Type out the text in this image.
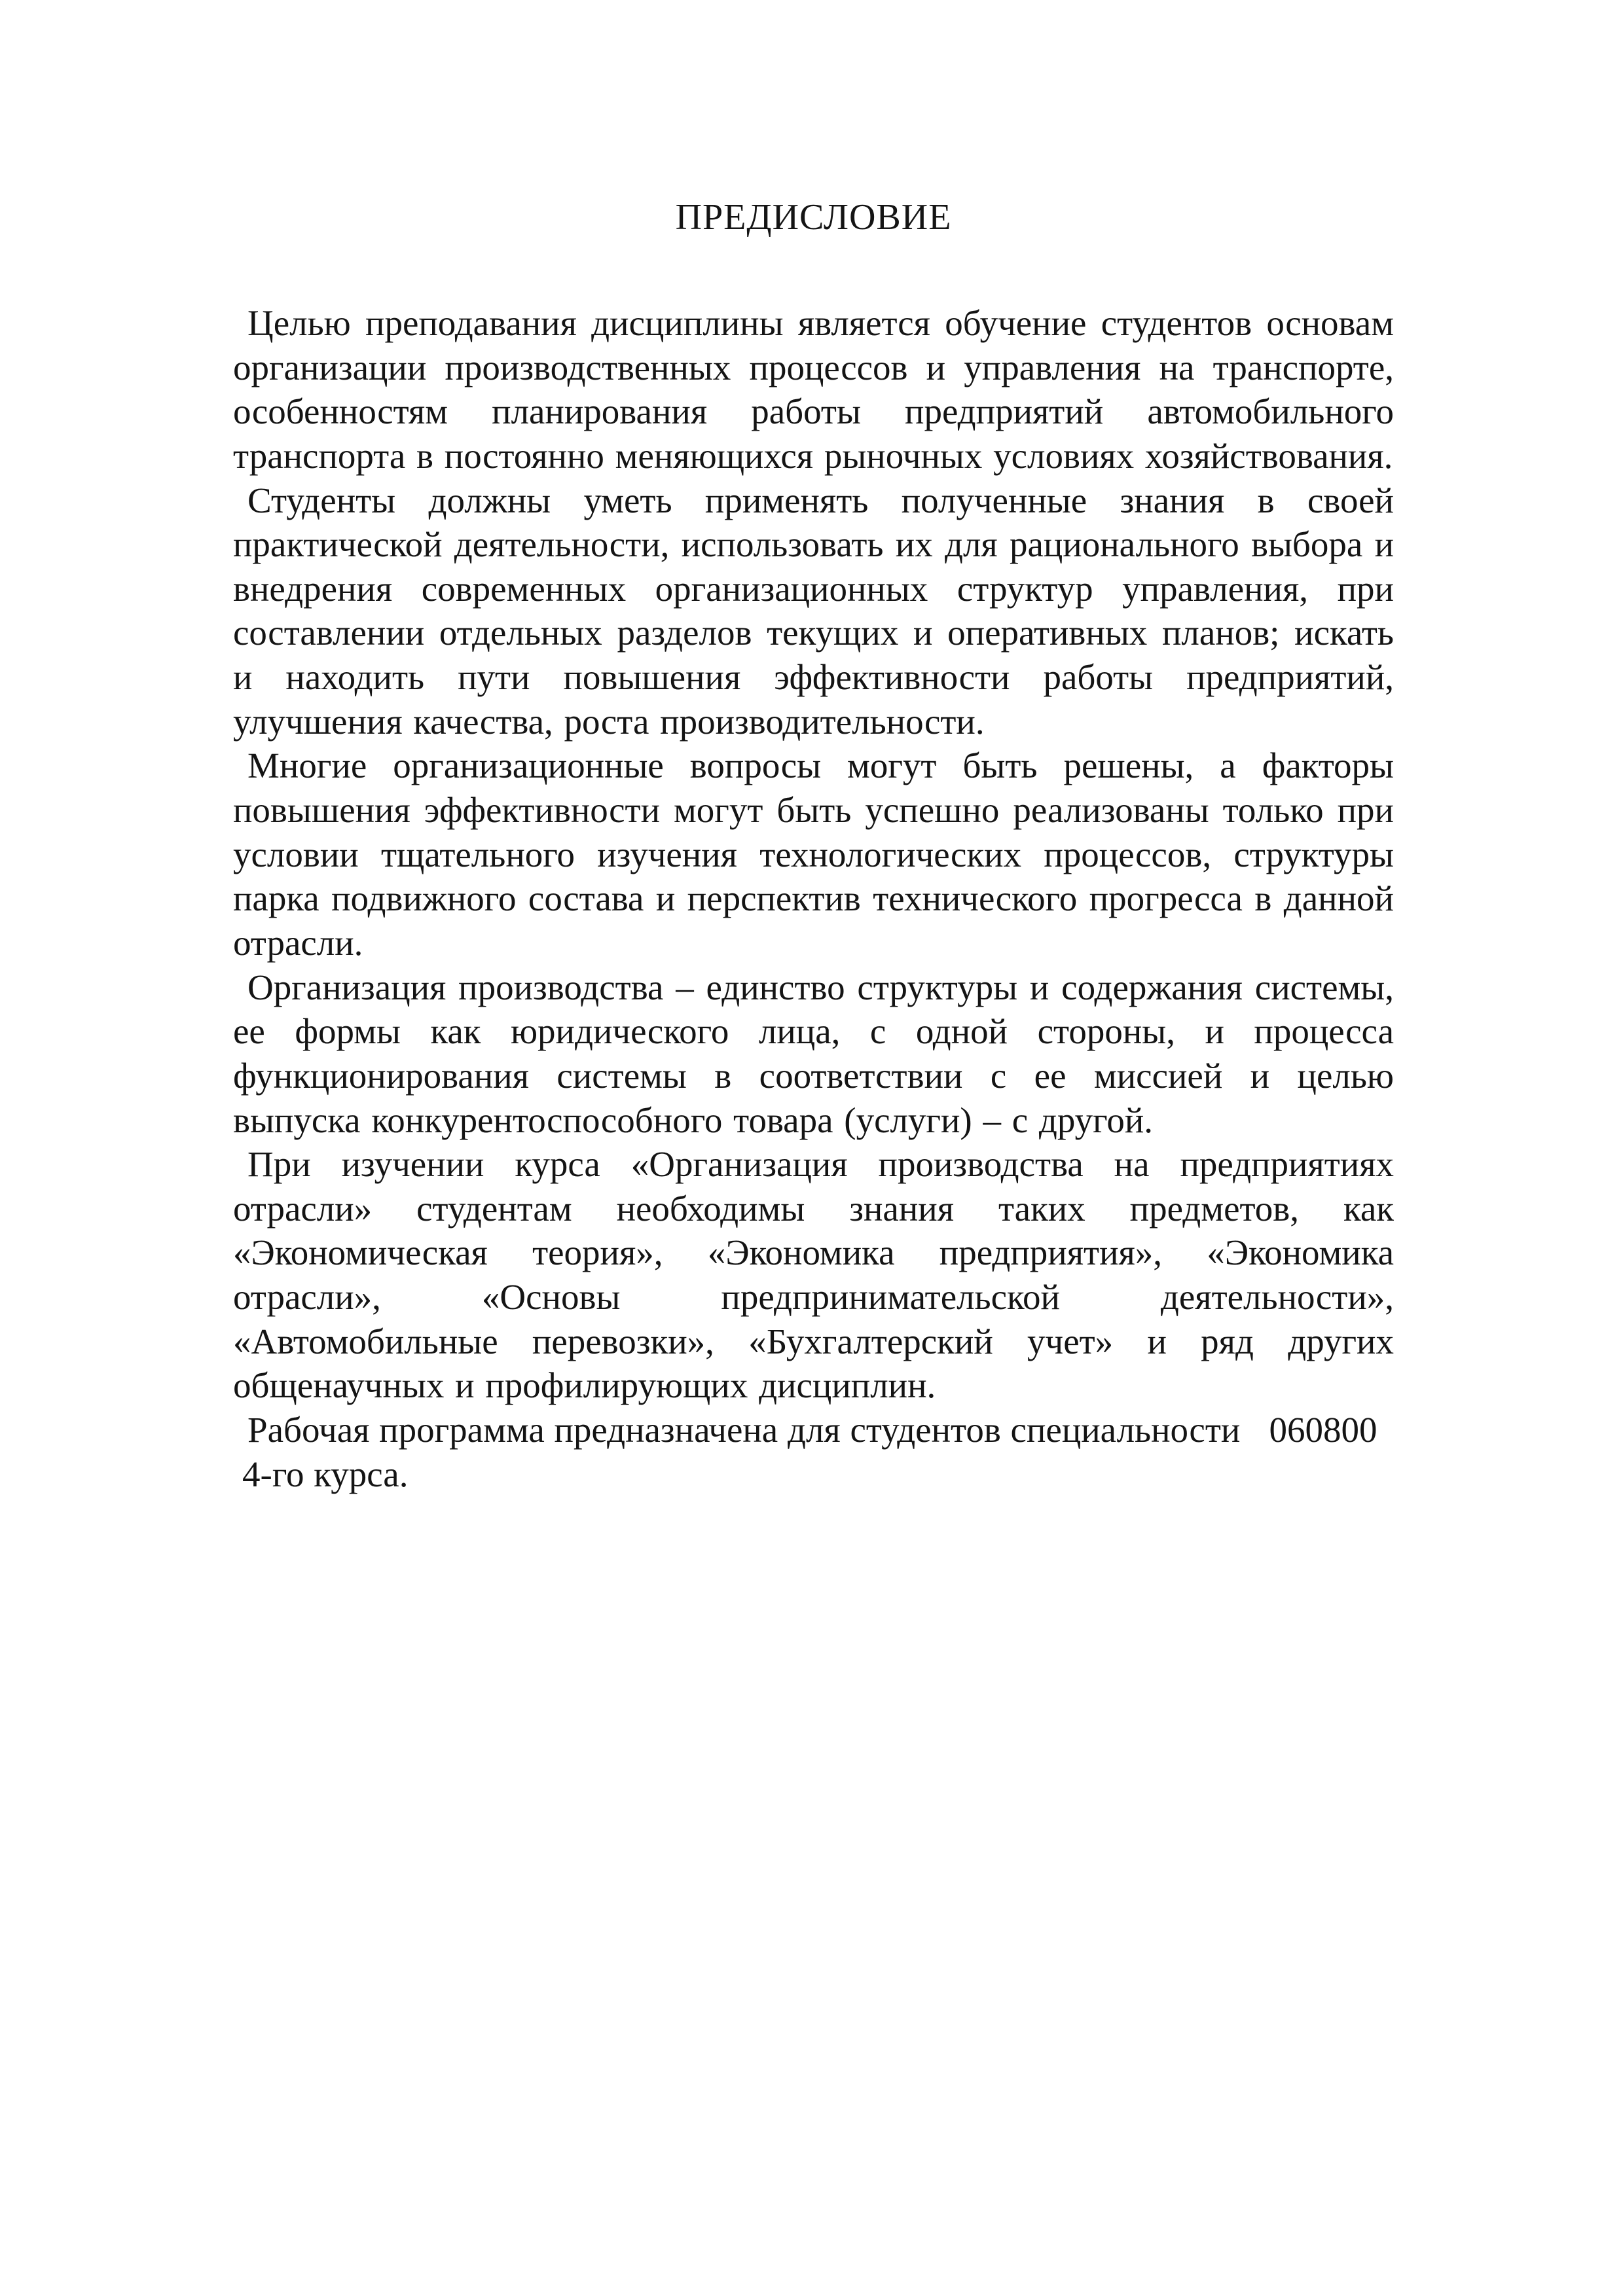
ПРЕДИСЛОВИЕ

Целью преподавания дисциплины является обучение студентов основам организации производственных процессов и управления на транспорте, особенностям планирования работы предприятий автомобильного транспорта в постоянно меняющихся рыночных условиях хозяйствования.

Студенты должны уметь применять полученные знания в своей практической деятельности, использовать их для рационального выбора и внедрения современных организационных структур управления, при составлении отдельных разделов текущих и оперативных планов; искать и находить пути повышения эффективности работы предприятий, улучшения качества, роста производительности.

Многие организационные вопросы могут быть решены, а факторы повышения эффективности могут быть успешно реализованы только при условии тщательного изучения технологических процессов, структуры парка подвижного состава и перспектив технического прогресса в данной отрасли.

Организация производства – единство структуры и содержания системы, ее формы как юридического лица, с одной стороны, и процесса функционирования системы в соответствии с ее миссией и целью выпуска конкурентоспособного товара (услуги) – с другой.

При изучении курса «Организация производства на предприятиях отрасли» студентам необходимы знания таких предметов, как «Экономическая теория», «Экономика предприятия», «Экономика отрасли», «Основы предпринимательской деятельности», «Автомобильные перевозки», «Бухгалтерский учет» и ряд других общенаучных и профилирующих дисциплин.

Рабочая программа предназначена для студентов специальности   060800

4-го курса.
